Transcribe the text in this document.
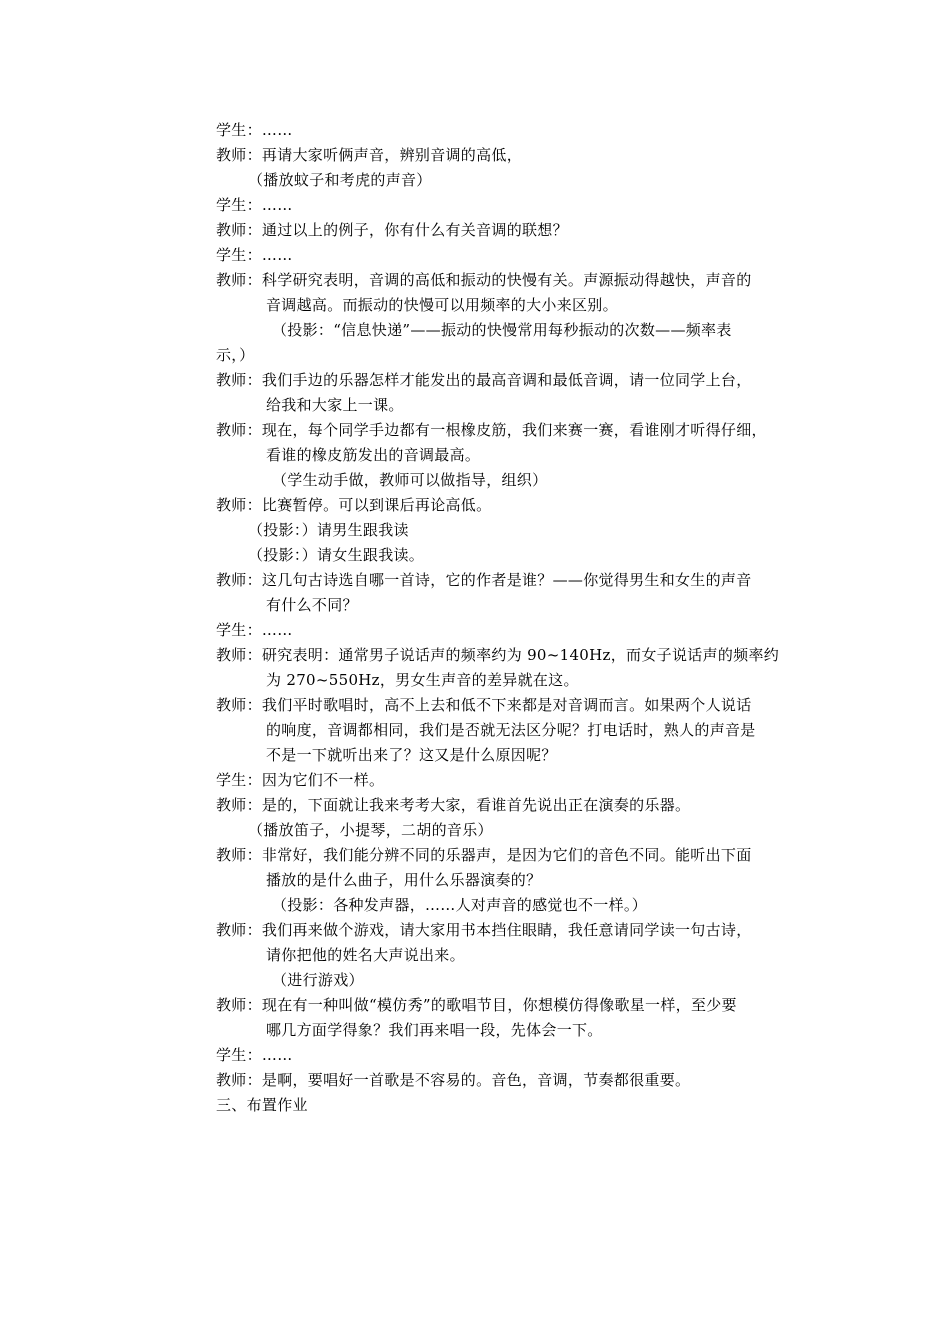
学生：……
教师：再请大家听俩声音，辨别音调的高低，
（播放蚊子和考虎的声音）
学生：……
教师：通过以上的例子，你有什么有关音调的联想？
学生：……
教师：科学研究表明，音调的高低和振动的快慢有关。声源振动得越快，声音的
音调越高。而振动的快慢可以用频率的大小来区别。
（投影：“信息快递”——振动的快慢常用每秒振动的次数——频率表
示，）
教师：我们手边的乐器怎样才能发出的最高音调和最低音调，请一位同学上台，
给我和大家上一课。
教师：现在，每个同学手边都有一根橡皮筋，我们来赛一赛，看谁刚才听得仔细，
看谁的橡皮筋发出的音调最高。
（学生动手做，教师可以做指导，组织）
教师：比赛暂停。可以到课后再论高低。
（投影：）请男生跟我读
（投影：）请女生跟我读。
教师：这几句古诗选自哪一首诗，它的作者是谁？——你觉得男生和女生的声音
有什么不同？
学生：……
教师：研究表明：通常男子说话声的频率约为 90~140Hz，而女子说话声的频率约
为 270~550Hz，男女生声音的差异就在这。
教师：我们平时歌唱时，高不上去和低不下来都是对音调而言。如果两个人说话
的响度，音调都相同，我们是否就无法区分呢？打电话时，熟人的声音是
不是一下就听出来了？这又是什么原因呢？
学生：因为它们不一样。
教师：是的，下面就让我来考考大家，看谁首先说出正在演奏的乐器。
（播放笛子，小提琴，二胡的音乐）
教师：非常好，我们能分辨不同的乐器声，是因为它们的音色不同。能听出下面
播放的是什么曲子，用什么乐器演奏的？
（投影：各种发声器，……人对声音的感觉也不一样。）
教师：我们再来做个游戏，请大家用书本挡住眼睛，我任意请同学读一句古诗，
请你把他的姓名大声说出来。
（进行游戏）
教师：现在有一种叫做“模仿秀”的歌唱节目，你想模仿得像歌星一样，至少要
哪几方面学得象？我们再来唱一段，先体会一下。
学生：……
教师：是啊，要唱好一首歌是不容易的。音色，音调，节奏都很重要。
三、布置作业
